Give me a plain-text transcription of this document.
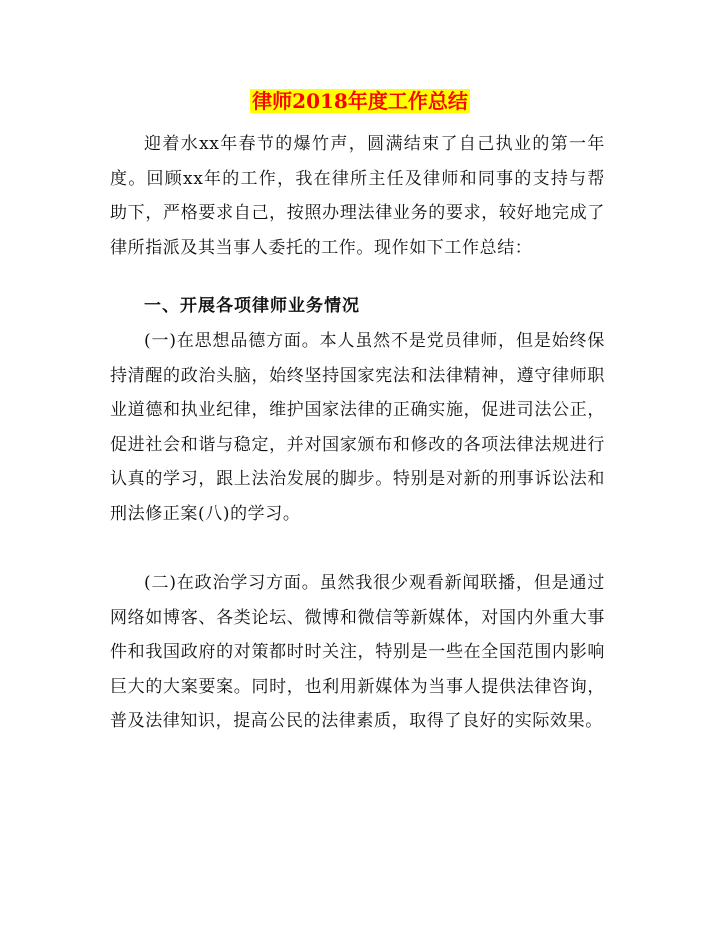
律师2018年度工作总结

迎着水xx年春节的爆竹声，圆满结束了自己执业的第一年度。回顾xx年的工作，我在律所主任及律师和同事的支持与帮助下，严格要求自己，按照办理法律业务的要求，较好地完成了律所指派及其当事人委托的工作。现作如下工作总结：

一、开展各项律师业务情况

(一)在思想品德方面。本人虽然不是党员律师，但是始终保持清醒的政治头脑，始终坚持国家宪法和法律精神，遵守律师职业道德和执业纪律，维护国家法律的正确实施，促进司法公正，促进社会和谐与稳定，并对国家颁布和修改的各项法律法规进行认真的学习，跟上法治发展的脚步。特别是对新的刑事诉讼法和刑法修正案(八)的学习。

(二)在政治学习方面。虽然我很少观看新闻联播，但是通过网络如博客、各类论坛、微博和微信等新媒体，对国内外重大事件和我国政府的对策都时时关注，特别是一些在全国范围内影响巨大的大案要案。同时，也利用新媒体为当事人提供法律咨询，普及法律知识，提高公民的法律素质，取得了良好的实际效果。
